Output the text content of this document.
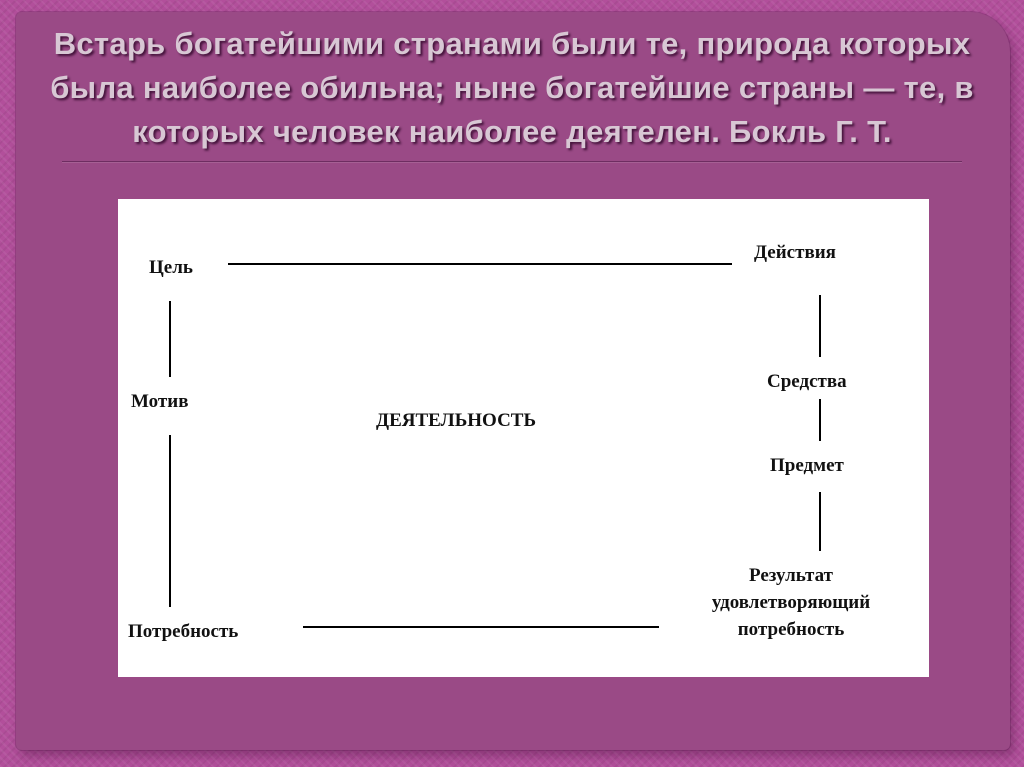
Встарь богатейшими странами были те, природа которых была наиболее обильна; ныне богатейшие страны — те, в которых человек наиболее деятелен. Бокль Г. Т.

Цель

Мотив

Потребность

ДЕЯТЕЛЬНОСТЬ

Действия

Средства

Предмет

Результат

удовлетворяющий

потребность
